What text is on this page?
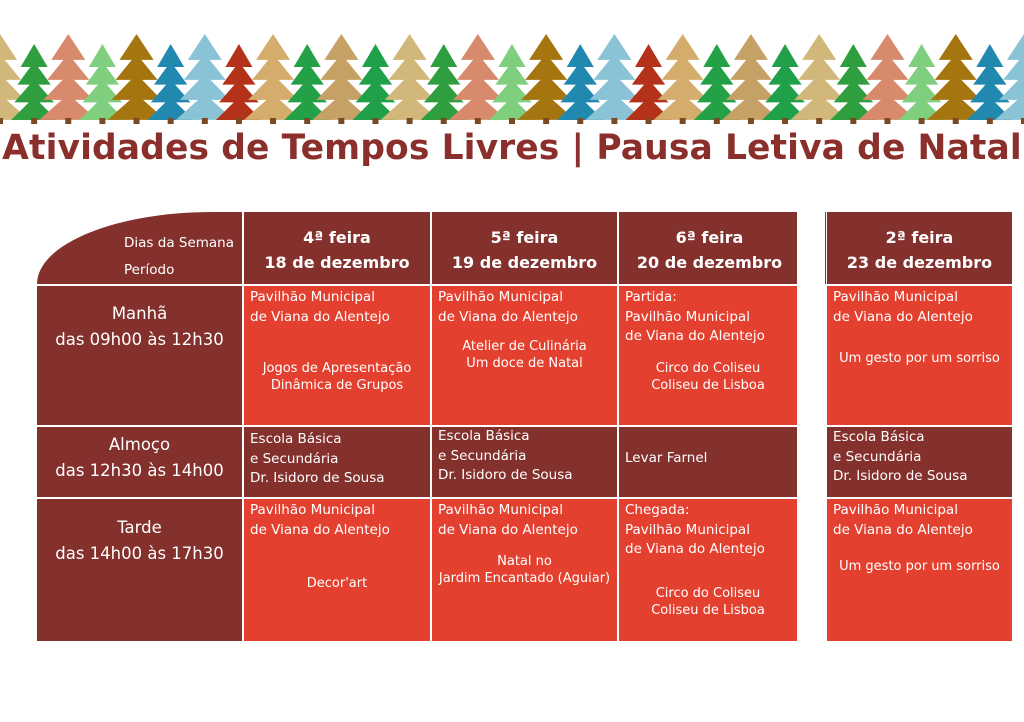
Atividades de Tempos Livres | Pausa Letiva de Natal
Dias da Semana
Período
4ª feira
18 de dezembro
5ª feira
19 de dezembro
6ª feira
20 de dezembro
2ª feira
23 de dezembro
Manhã
das 09h00 às 12h30
Almoço
das 12h30 às 14h00
Tarde
das 14h00 às 17h30
Pavilhão Municipal
de Viana do Alentejo
Jogos de Apresentação
Dinâmica de Grupos
Pavilhão Municipal
de Viana do Alentejo
Atelier de Culinária
Um doce de Natal
Partida:
Pavilhão Municipal
de Viana do Alentejo
Circo do Coliseu
Coliseu de Lisboa
Pavilhão Municipal
de Viana do Alentejo
Um gesto por um sorriso
Escola Básica
e Secundária
Dr. Isidoro de Sousa
Escola Básica
e Secundária
Dr. Isidoro de Sousa
Levar Farnel
Escola Básica
e Secundária
Dr. Isidoro de Sousa
Pavilhão Municipal
de Viana do Alentejo
Decor'art
Pavilhão Municipal
de Viana do Alentejo
Natal no
Jardim Encantado (Aguiar)
Chegada:
Pavilhão Municipal
de Viana do Alentejo
Circo do Coliseu
Coliseu de Lisboa
Pavilhão Municipal
de Viana do Alentejo
Um gesto por um sorriso
